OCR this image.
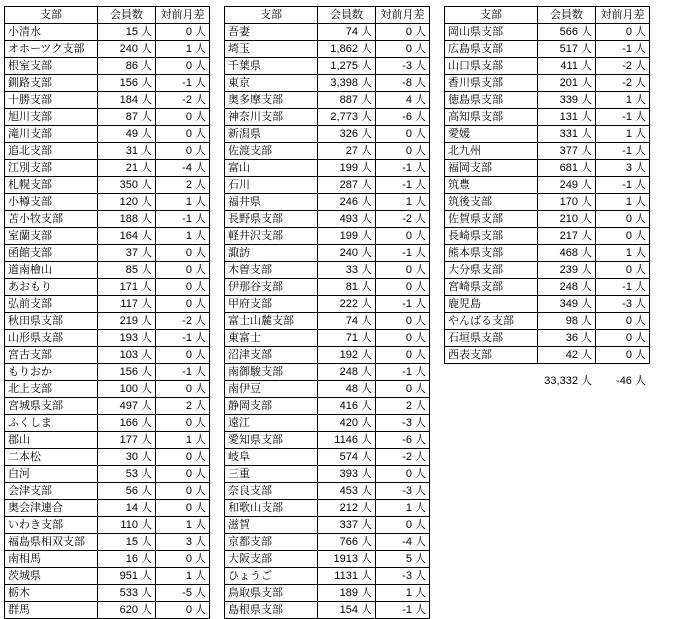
支部	会員数	対前月差
小清水	15 人	0 人
オホーツク支部	240 人	1 人
根室支部	86 人	0 人
釧路支部	156 人	-1 人
十勝支部	184 人	-2 人
旭川支部	87 人	0 人
滝川支部	49 人	0 人
追北支部	31 人	0 人
江別支部	21 人	-4 人
札幌支部	350 人	2 人
小樽支部	120 人	1 人
苫小牧支部	188 人	-1 人
室蘭支部	164 人	1 人
函館支部	37 人	0 人
道南檜山	85 人	0 人
あおもり	171 人	0 人
弘前支部	117 人	0 人
秋田県支部	219 人	-2 人
山形県支部	193 人	-1 人
宮古支部	103 人	0 人
もりおか	156 人	-1 人
北上支部	100 人	0 人
宮城県支部	497 人	2 人
ふくしま	166 人	0 人
郡山	177 人	1 人
二本松	30 人	0 人
白河	53 人	0 人
会津支部	56 人	0 人
奥会津連合	14 人	0 人
いわき支部	110 人	1 人
福島県相双支部	15 人	3 人
南相馬	16 人	0 人
茨城県	951 人	1 人
栃木	533 人	-5 人
群馬	620 人	0 人
支部	会員数	対前月差
吾妻	74 人	0 人
埼玉	1,862 人	0 人
千葉県	1,275 人	-3 人
東京	3,398 人	-8 人
奥多摩支部	887 人	4 人
神奈川支部	2,773 人	-6 人
新潟県	326 人	0 人
佐渡支部	27 人	0 人
富山	199 人	-1 人
石川	287 人	-1 人
福井県	246 人	1 人
長野県支部	493 人	-2 人
軽井沢支部	199 人	0 人
諏訪	240 人	-1 人
木曽支部	33 人	0 人
伊那谷支部	81 人	0 人
甲府支部	222 人	-1 人
富士山麓支部	74 人	0 人
東富士	71 人	0 人
沼津支部	192 人	0 人
南御駿支部	248 人	-1 人
南伊豆	48 人	0 人
静岡支部	416 人	2 人
遠江	420 人	-3 人
愛知県支部	1146 人	-6 人
岐阜	574 人	-2 人
三重	393 人	0 人
奈良支部	453 人	-3 人
和歌山支部	212 人	1 人
滋賀	337 人	0 人
京都支部	766 人	-4 人
大阪支部	1913 人	5 人
ひょうご	1131 人	-3 人
鳥取県支部	189 人	1 人
島根県支部	154 人	-1 人
支部	会員数	対前月差
岡山県支部	566 人	0 人
広島県支部	517 人	-1 人
山口県支部	411 人	-2 人
香川県支部	201 人	-2 人
徳島県支部	339 人	1 人
高知県支部	131 人	-1 人
愛媛	331 人	1 人
北九州	377 人	-1 人
福岡支部	681 人	3 人
筑豊	249 人	-1 人
筑後支部	170 人	1 人
佐賀県支部	210 人	0 人
長崎県支部	217 人	0 人
熊本県支部	468 人	1 人
大分県支部	239 人	0 人
宮崎県支部	248 人	-1 人
鹿児島	349 人	-3 人
やんばる支部	98 人	0 人
石垣県支部	36 人	0 人
西表支部	42 人	0 人
	33,332 人	-46 人
